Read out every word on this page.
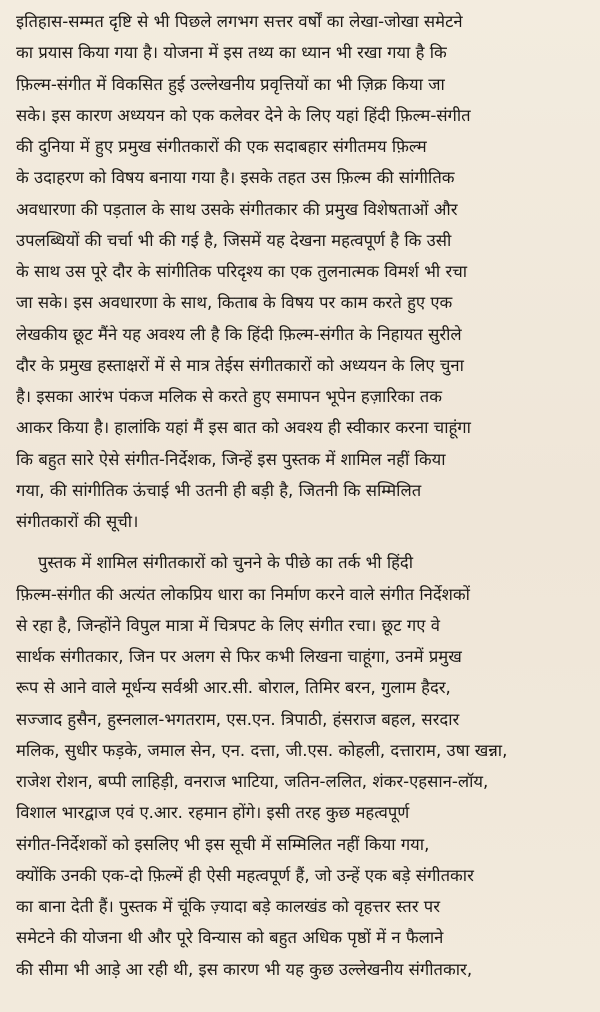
इतिहास-सम्मत दृष्टि से भी पिछले लगभग सत्तर वर्षों का लेखा-जोखा समेटने
का प्रयास किया गया है। योजना में इस तथ्य का ध्यान भी रखा गया है कि
फ़िल्म-संगीत में विकसित हुई उल्लेखनीय प्रवृत्तियों का भी ज़िक्र किया जा
सके। इस कारण अध्ययन को एक कलेवर देने के लिए यहां हिंदी फ़िल्म-संगीत
की दुनिया में हुए प्रमुख संगीतकारों की एक सदाबहार संगीतमय फ़िल्म
के उदाहरण को विषय बनाया गया है। इसके तहत उस फ़िल्म की सांगीतिक
अवधारणा की पड़ताल के साथ उसके संगीतकार की प्रमुख विशेषताओं और
उपलब्धियों की चर्चा भी की गई है, जिसमें यह देखना महत्वपूर्ण है कि उसी
के साथ उस पूरे दौर के सांगीतिक परिदृश्य का एक तुलनात्मक विमर्श भी रचा
जा सके। इस अवधारणा के साथ, किताब के विषय पर काम करते हुए एक
लेखकीय छूट मैंने यह अवश्य ली है कि हिंदी फ़िल्म-संगीत के निहायत सुरीले
दौर के प्रमुख हस्ताक्षरों में से मात्र तेईस संगीतकारों को अध्ययन के लिए चुना
है। इसका आरंभ पंकज मलिक से करते हुए समापन भूपेन हज़ारिका तक
आकर किया है। हालांकि यहां मैं इस बात को अवश्य ही स्वीकार करना चाहूंगा
कि बहुत सारे ऐसे संगीत-निर्देशक, जिन्हें इस पुस्तक में शामिल नहीं किया
गया, की सांगीतिक ऊंचाई भी उतनी ही बड़ी है, जितनी कि सम्मिलित
संगीतकारों की सूची।
पुस्तक में शामिल संगीतकारों को चुनने के पीछे का तर्क भी हिंदी
फ़िल्म-संगीत की अत्यंत लोकप्रिय धारा का निर्माण करने वाले संगीत निर्देशकों
से रहा है, जिन्होंने विपुल मात्रा में चित्रपट के लिए संगीत रचा। छूट गए वे
सार्थक संगीतकार, जिन पर अलग से फिर कभी लिखना चाहूंगा, उनमें प्रमुख
रूप से आने वाले मूर्धन्य सर्वश्री आर.सी. बोराल, तिमिर बरन, गुलाम हैदर,
सज्जाद हुसैन, हुस्नलाल-भगतराम, एस.एन. त्रिपाठी, हंसराज बहल, सरदार
मलिक, सुधीर फड़के, जमाल सेन, एन. दत्ता, जी.एस. कोहली, दत्ताराम, उषा खन्ना,
राजेश रोशन, बप्पी लाहिड़ी, वनराज भाटिया, जतिन-ललित, शंकर-एहसान-लॉय,
विशाल भारद्वाज एवं ए.आर. रहमान होंगे। इसी तरह कुछ महत्वपूर्ण
संगीत-निर्देशकों को इसलिए भी इस सूची में सम्मिलित नहीं किया गया,
क्योंकि उनकी एक-दो फ़िल्में ही ऐसी महत्वपूर्ण हैं, जो उन्हें एक बड़े संगीतकार
का बाना देती हैं। पुस्तक में चूंकि ज़्यादा बड़े कालखंड को वृहत्तर स्तर पर
समेटने की योजना थी और पूरे विन्यास को बहुत अधिक पृष्ठों में न फैलाने
की सीमा भी आड़े आ रही थी, इस कारण भी यह कुछ उल्लेखनीय संगीतकार,
